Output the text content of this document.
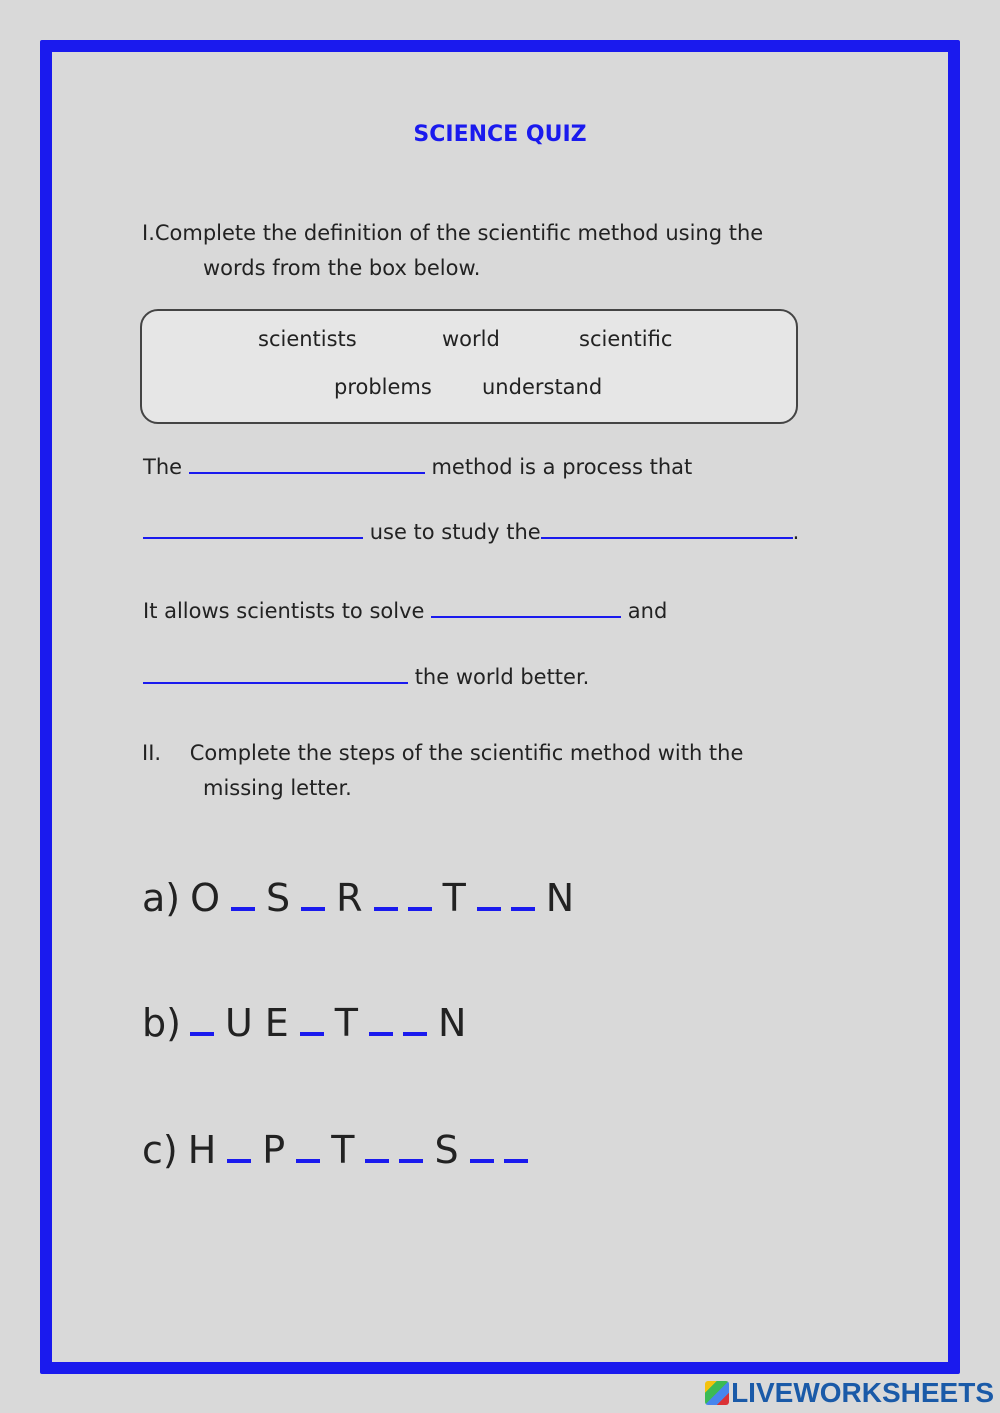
SCIENCE QUIZ
I.Complete the definition of the scientific method using the
words from the box below.
scientists	world	scientific
problems understand
The	method is a process that
use to study the	.
It allows scientists to solve	and
the world better.
II. Complete the steps of the scientific method with the
missing letter.
a) O S R T N
b) U E T N
c) H P T S
LIVEWORKSHEETS
